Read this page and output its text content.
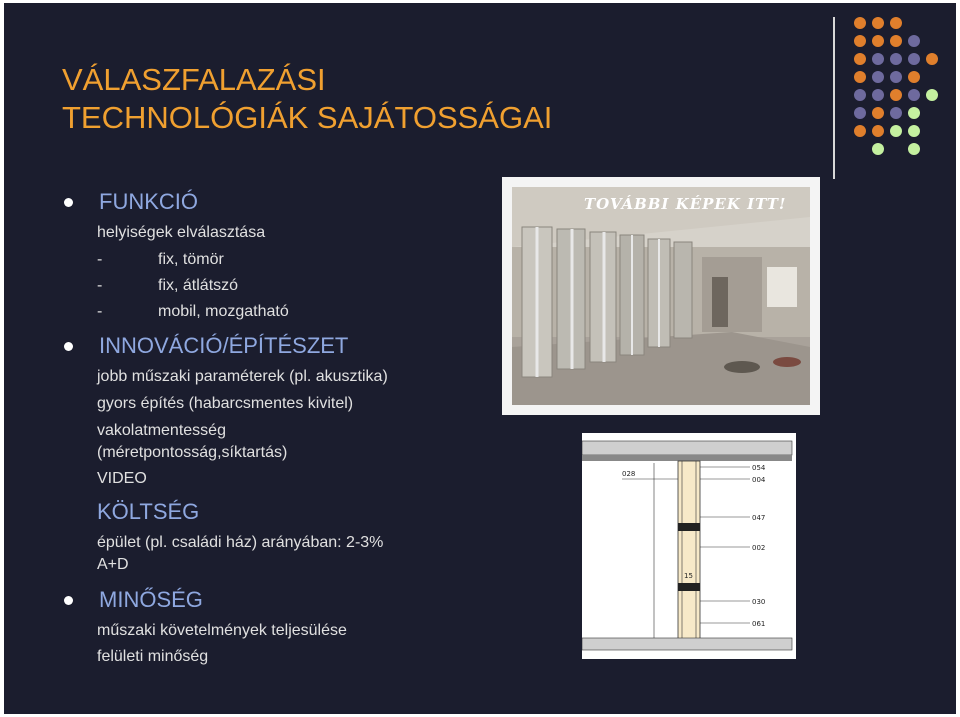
VÁLASZFALAZÁSI
TECHNOLÓGIÁK SAJÁTOSSÁGAI
FUNKCIÓ
helyiségek elválasztása
-	fix, tömör
-	fix, átlátszó
-	mobil, mozgatható
INNOVÁCIÓ/ÉPÍTÉSZET
jobb műszaki paraméterek (pl. akusztika)
gyors építés (habarcsmentes kivitel)
vakolatmentesség
(méretpontosság,síktartás)
VIDEO
KÖLTSÉG
épület (pl. családi ház) arányában: 2-3%
A+D
MINŐSÉG
műszaki követelmények teljesülése
felületi minőség
TOVÁBBI KÉPEK ITT!
054
004
028
047
002
15
030
061
